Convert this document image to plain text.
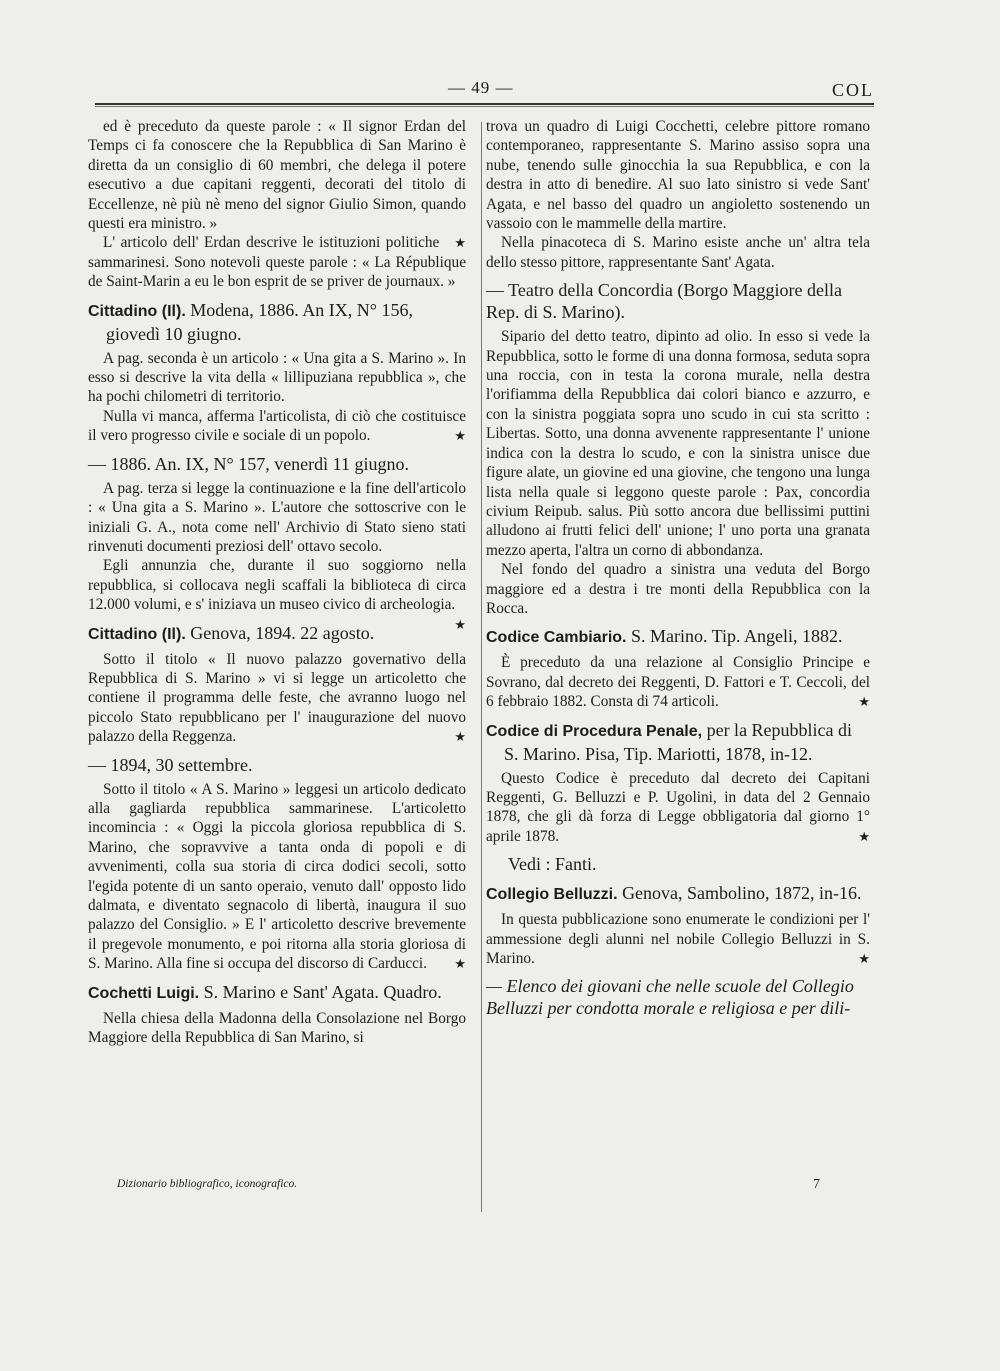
— 49 —	COL

ed è preceduto da queste parole : « Il signor Erdan del Temps ci fa conoscere che la Repubblica di San Marino è diretta da un consiglio di 60 membri, che delega il potere esecutivo a due capitani reggenti, decorati del titolo di Eccellenze, nè più nè meno del signor Giulio Simon, quando questi era ministro. »

★
L' articolo dell' Erdan descrive le istituzioni politiche sammarinesi. Sono notevoli queste parole : « La République de Saint-Marin a eu le bon esprit de se priver de journaux. »

Cittadino (Il). Modena, 1886. An IX, N° 156, giovedì 10 giugno.

A pag. seconda è un articolo : « Una gita a S. Marino ». In esso si descrive la vita della « lillipuziana repubblica », che ha pochi chilometri di territorio.

Nulla vi manca, afferma l'articolista, di ciò che costituisce il vero progresso civile e sociale di un popolo.	★

— 1886. An. IX, N° 157, venerdì 11 giugno.

A pag. terza si legge la continuazione e la fine dell'articolo : « Una gita a S. Marino ». L'autore che sottoscrive con le iniziali G. A., nota come nell' Archivio di Stato sieno stati rinvenuti documenti preziosi dell' ottavo secolo.

Egli annunzia che, durante il suo soggiorno nella repubblica, si collocava negli scaffali la biblioteca di circa 12.000 volumi, e s' iniziava un museo civico di archeologia.
★

Cittadino (Il). Genova, 1894. 22 agosto.

Sotto il titolo « Il nuovo palazzo governativo della Repubblica di S. Marino » vi si legge un articoletto che contiene il programma delle feste, che avranno luogo nel piccolo Stato repubblicano per l' inaugurazione del nuovo palazzo della Reggenza.	★

— 1894, 30 settembre.

Sotto il titolo « A S. Marino » leggesi un articolo dedicato alla gagliarda repubblica sammarinese. L'articoletto incomincia : « Oggi la piccola gloriosa repubblica di S. Marino, che sopravvive a tanta onda di popoli e di avvenimenti, colla sua storia di circa dodici secoli, sotto l'egida potente di un santo operaio, venuto dall' opposto lido dalmata, e diventato segnacolo di libertà, inaugura il suo palazzo del Consiglio. » E l' articoletto descrive brevemente il pregevole monumento, e poi ritorna alla storia gloriosa di S. Marino. Alla fine si occupa del discorso di Carducci.	★

Cochetti Luigi. S. Marino e Sant' Agata. Quadro.

Nella chiesa della Madonna della Consolazione nel Borgo Maggiore della Repubblica di San Marino, si

trova un quadro di Luigi Cocchetti, celebre pittore romano contemporaneo, rappresentante S. Marino assiso sopra una nube, tenendo sulle ginocchia la sua Repubblica, e con la destra in atto di benedire. Al suo lato sinistro si vede Sant' Agata, e nel basso del quadro un angioletto sostenendo un vassoio con le mammelle della martire.

Nella pinacoteca di S. Marino esiste anche un' altra tela dello stesso pittore, rappresentante Sant' Agata.

— Teatro della Concordia (Borgo Maggiore della Rep. di S. Marino).

Sipario del detto teatro, dipinto ad olio. In esso si vede la Repubblica, sotto le forme di una donna formosa, seduta sopra una roccia, con in testa la corona murale, nella destra l'orifiamma della Repubblica dai colori bianco e azzurro, e con la sinistra poggiata sopra uno scudo in cui sta scritto : Libertas. Sotto, una donna avvenente rappresentante l' unione indica con la destra lo scudo, e con la sinistra unisce due figure alate, un giovine ed una giovine, che tengono una lunga lista nella quale si leggono queste parole : Pax, concordia civium Reipub. salus. Più sotto ancora due bellissimi puttini alludono ai frutti felici dell' unione; l' uno porta una granata mezzo aperta, l'altra un corno di abbondanza.

Nel fondo del quadro a sinistra una veduta del Borgo maggiore ed a destra i tre monti della Repubblica con la Rocca.

Codice Cambiario. S. Marino. Tip. Angeli, 1882.

È preceduto da una relazione al Consiglio Principe e Sovrano, dal decreto dei Reggenti, D. Fattori e T. Ceccoli, del 6 febbraio 1882. Consta di 74 articoli.	★

Codice di Procedura Penale, per la Repubblica di S. Marino. Pisa, Tip. Mariotti, 1878, in-12.

Questo Codice è preceduto dal decreto dei Capitani Reggenti, G. Belluzzi e P. Ugolini, in data del 2 Gennaio 1878, che gli dà forza di Legge obbligatoria dal giorno 1° aprile 1878.	★

Vedi : Fanti.
Collegio Belluzzi. Genova, Sambolino, 1872, in-16.

In questa pubblicazione sono enumerate le condizioni per l' ammessione degli alunni nel nobile Collegio Belluzzi in S. Marino.	★

— Elenco dei giovani che nelle scuole del Collegio Belluzzi per condotta morale e religiosa e per dili-
Dizionario bibliografico, iconografico.	7
